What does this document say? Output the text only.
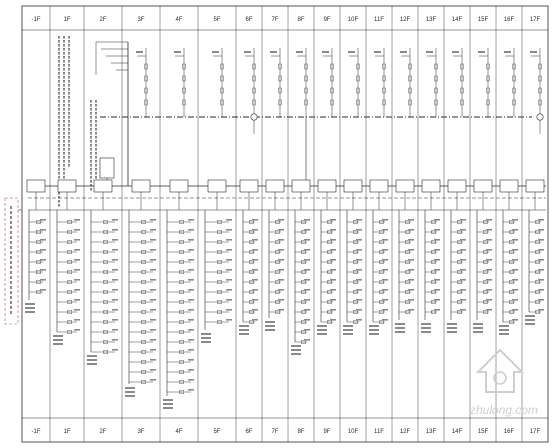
-1F
-1F
1F
1F
2F
2F
3F
3F
4F
4F
5F
5F
6F
6F
7F
7F
8F
8F
9F
9F
10F
10F
11F
11F
12F
12F
13F
13F
14F
14F
15F
15F
16F
16F
17F
17F
zhulong.com
